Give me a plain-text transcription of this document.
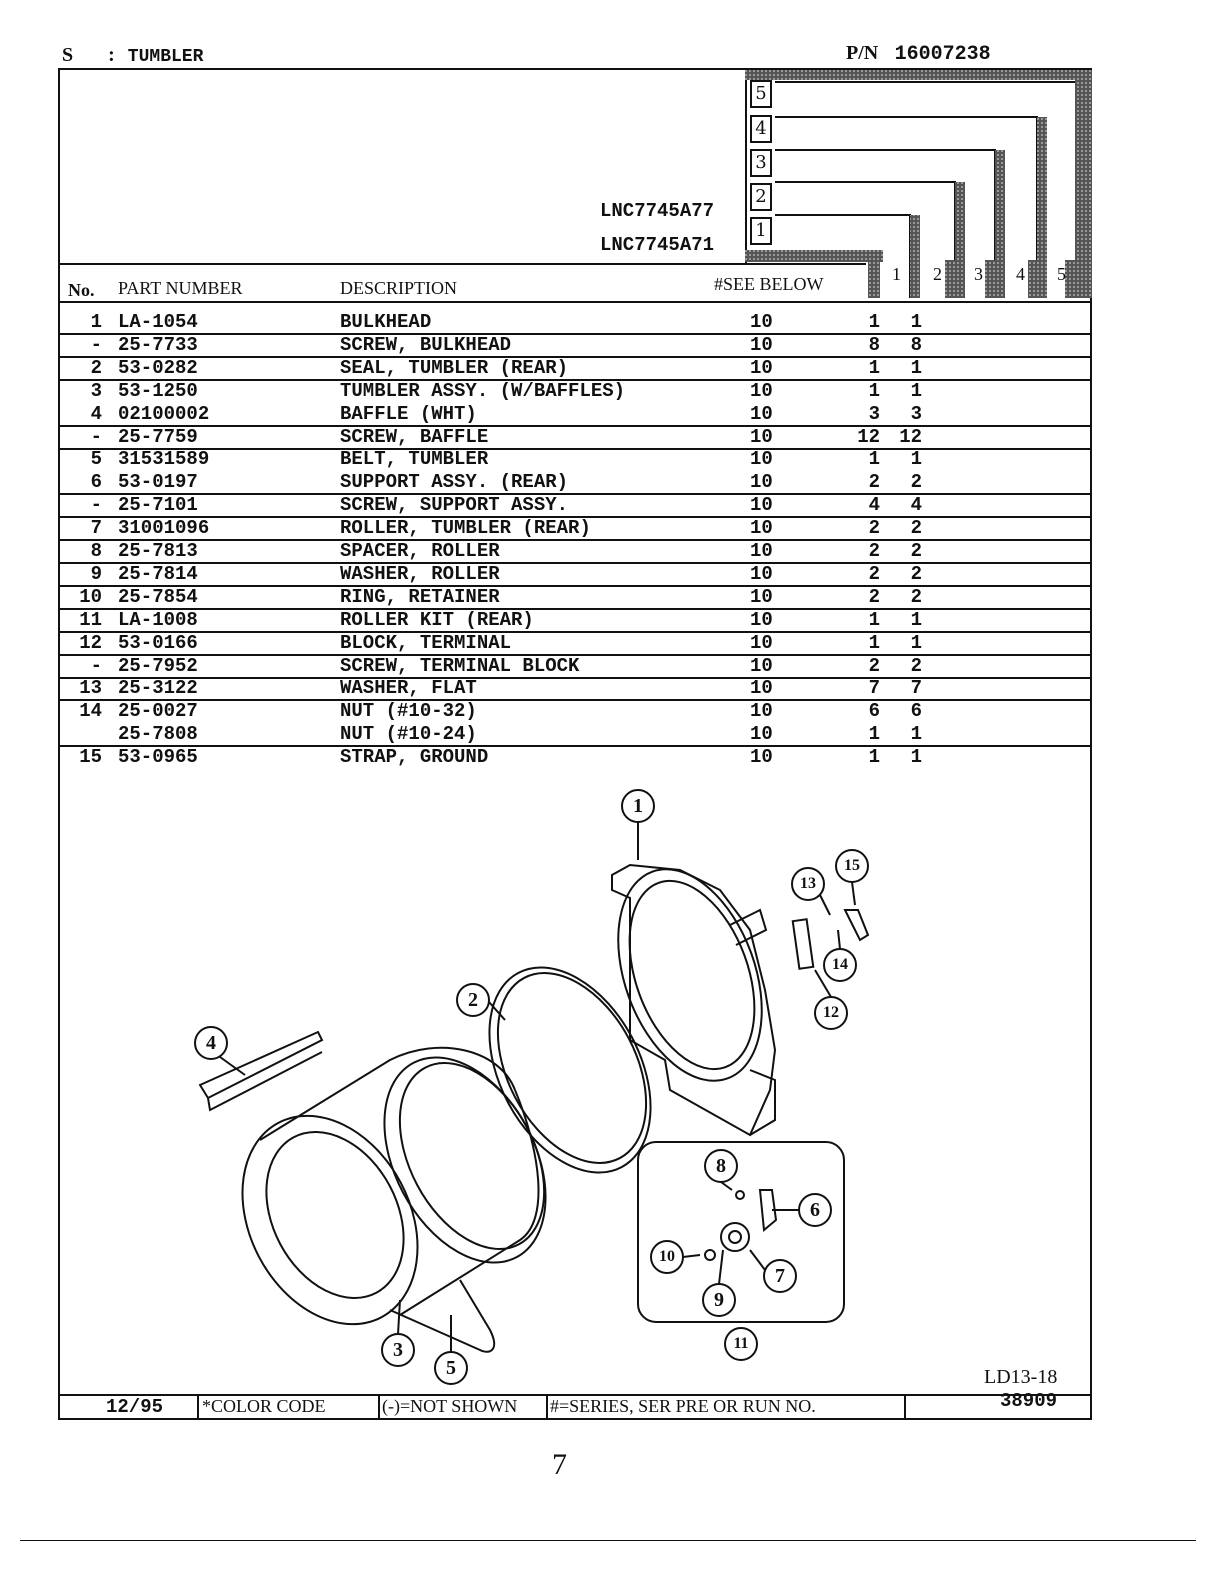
S : TUMBLER	P/N 16007238
5
4
3
2
1
LNC7745A77
LNC7745A71
No. PART NUMBER	DESCRIPTION	#SEE BELOW	1 2 3 4 5
1 LA-1054	BULKHEAD	10	1	1
- 25-7733	SCREW, BULKHEAD	10	8	8
2 53-0282	SEAL, TUMBLER (REAR)	10	1	1
3 53-1250	TUMBLER ASSY. (W/BAFFLES)	10	1	1
4 02100002	BAFFLE (WHT)	10	3	3
- 25-7759	SCREW, BAFFLE	10	12	12
5 31531589	BELT, TUMBLER	10	1	1
6 53-0197	SUPPORT ASSY. (REAR)	10	2	2
- 25-7101	SCREW, SUPPORT ASSY.	10	4	4
7 31001096	ROLLER, TUMBLER (REAR)	10	2	2
8 25-7813	SPACER, ROLLER	10	2	2
9 25-7814	WASHER, ROLLER	10	2	2
10 25-7854	RING, RETAINER	10	2	2
11 LA-1008	ROLLER KIT (REAR)	10	1	1
12 53-0166	BLOCK, TERMINAL	10	1	1
- 25-7952	SCREW, TERMINAL BLOCK	10	2	2
13 25-3122	WASHER, FLAT	10	7	7
14 25-0027	NUT (#10-32)	10	6	6
25-7808	NUT (#10-24)	10	1	1
15 53-0965	STRAP, GROUND	10	1	1
1
2
3
4
5
6
7
8
9
10
11
12
13
14
15
LD13-18
12/95 *COLOR CODE	(-)=NOT SHOWN #=SERIES, SER PRE OR RUN NO.	38909
7
